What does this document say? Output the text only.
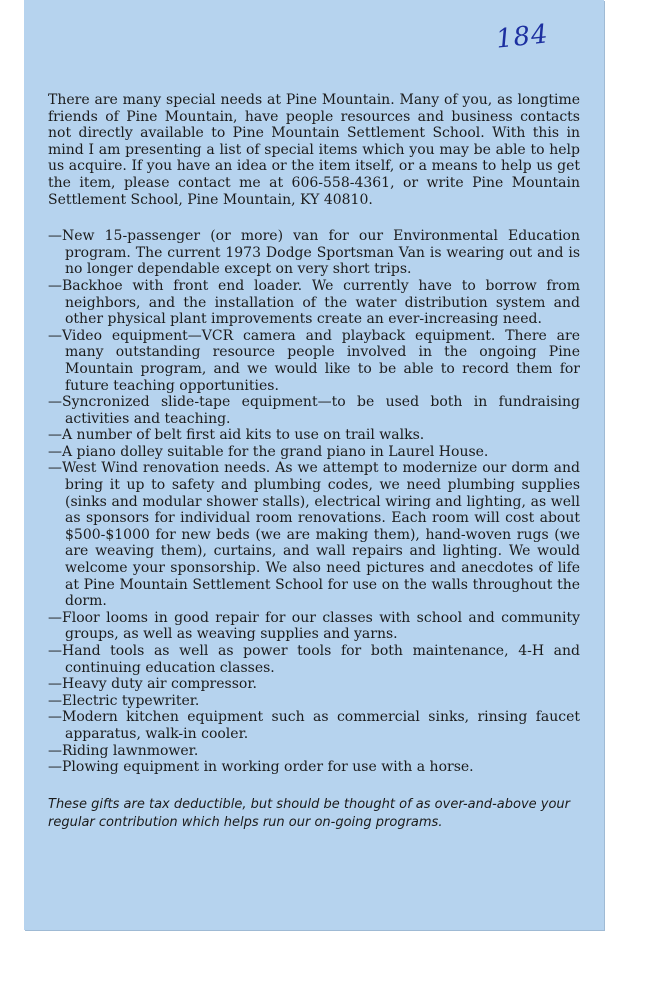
184

There are many special needs at Pine Mountain. Many of you, as longtime friends of Pine Mountain, have people resources and business contacts not directly available to Pine Mountain Settlement School. With this in mind I am presenting a list of special items which you may be able to help us acquire. If you have an idea or the item itself, or a means to help us get the item, please contact me at 606-558-4361, or write Pine Mountain Settlement School, Pine Mountain, KY 40810.

—New 15-passenger (or more) van for our Environmental Education program. The current 1973 Dodge Sportsman Van is wearing out and is no longer dependable except on very short trips.
—Backhoe with front end loader. We currently have to borrow from neighbors, and the installation of the water distribution system and other physical plant improvements create an ever-increasing need.
—Video equipment—VCR camera and playback equipment. There are many outstanding resource people involved in the ongoing Pine Mountain program, and we would like to be able to record them for future teaching opportunities.
—Syncronized slide-tape equipment—to be used both in fundraising activities and teaching.
—A number of belt first aid kits to use on trail walks.
—A piano dolley suitable for the grand piano in Laurel House.
—West Wind renovation needs. As we attempt to modernize our dorm and bring it up to safety and plumbing codes, we need plumbing supplies (sinks and modular shower stalls), electrical wiring and lighting, as well as sponsors for individual room renovations. Each room will cost about $500-$1000 for new beds (we are making them), hand-woven rugs (we are weaving them), curtains, and wall repairs and lighting. We would welcome your sponsorship. We also need pictures and anecdotes of life at Pine Mountain Settlement School for use on the walls throughout the dorm.
—Floor looms in good repair for our classes with school and community groups, as well as weaving supplies and yarns.
—Hand tools as well as power tools for both maintenance, 4-H and continuing education classes.
—Heavy duty air compressor.
—Electric typewriter.
—Modern kitchen equipment such as commercial sinks, rinsing faucet apparatus, walk-in cooler.
—Riding lawnmower.
—Plowing equipment in working order for use with a horse.

These gifts are tax deductible, but should be thought of as over-and-above your regular contribution which helps run our on-going programs.
